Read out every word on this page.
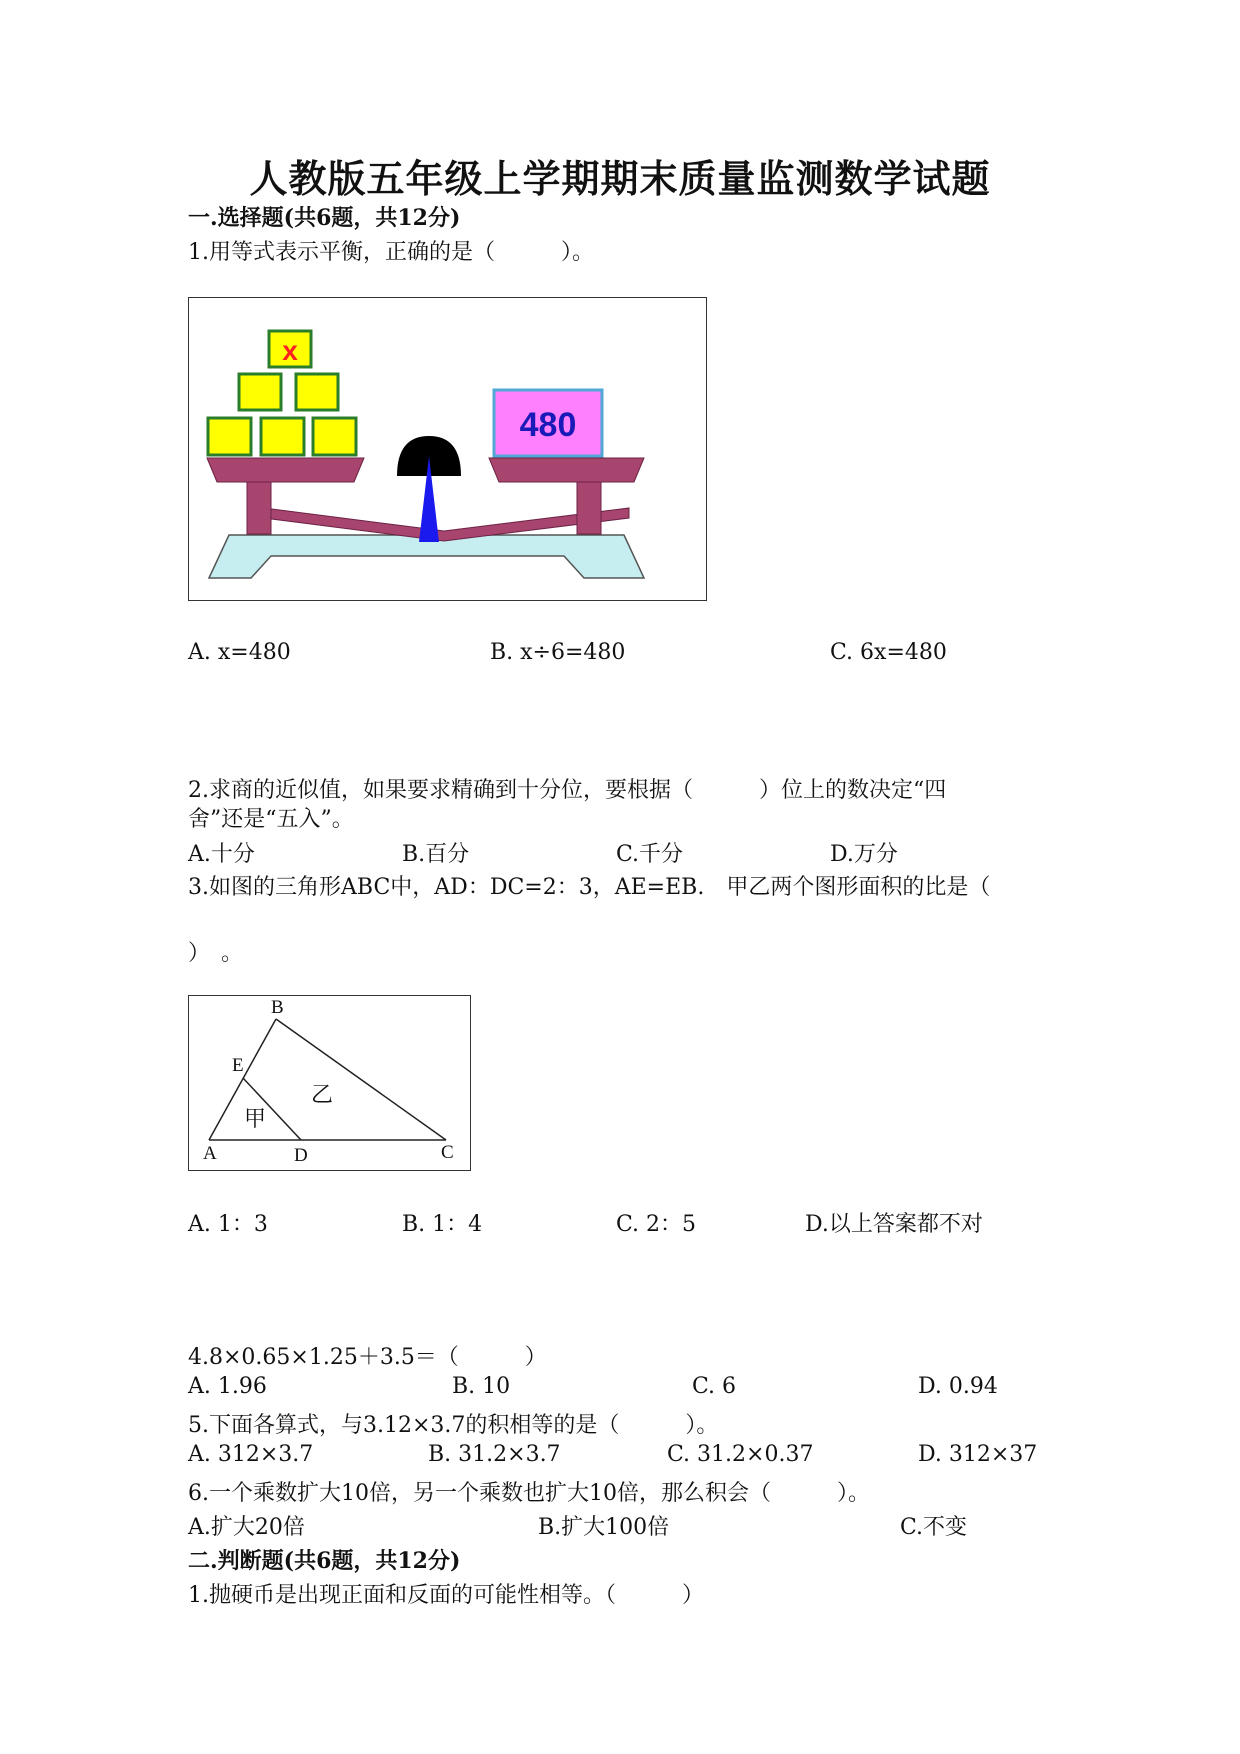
人教版五年级上学期期末质量监测数学试题
一.选择题(共6题，共12分)
1.用等式表示平衡，正确的是（　　　）。
x
480
A. x=480	B. x÷6=480	C. 6x=480
2.求商的近似值，如果要求精确到十分位，要根据（　　　）位上的数决定“四
舍”还是“五入”。
A.十分	B.百分	C.千分	D.万分
3.如图的三角形ABC中，AD：DC=2：3，AE=EB.　甲乙两个图形面积的比是（
）　。
B
E
A	D	C
甲
乙
A. 1：3	B. 1：4	C. 2：5	D.以上答案都不对
4.8×0.65×1.25＋3.5＝（　　　）
A. 1.96	B. 10	C. 6	D. 0.94
5.下面各算式，与3.12×3.7的积相等的是（　　　）。
A. 312×3.7	B. 31.2×3.7	C. 31.2×0.37	D. 312×37
6.一个乘数扩大10倍，另一个乘数也扩大10倍，那么积会（　　　）。
A.扩大20倍	B.扩大100倍	C.不变
二.判断题(共6题，共12分)
1.抛硬币是出现正面和反面的可能性相等。（　　　）
